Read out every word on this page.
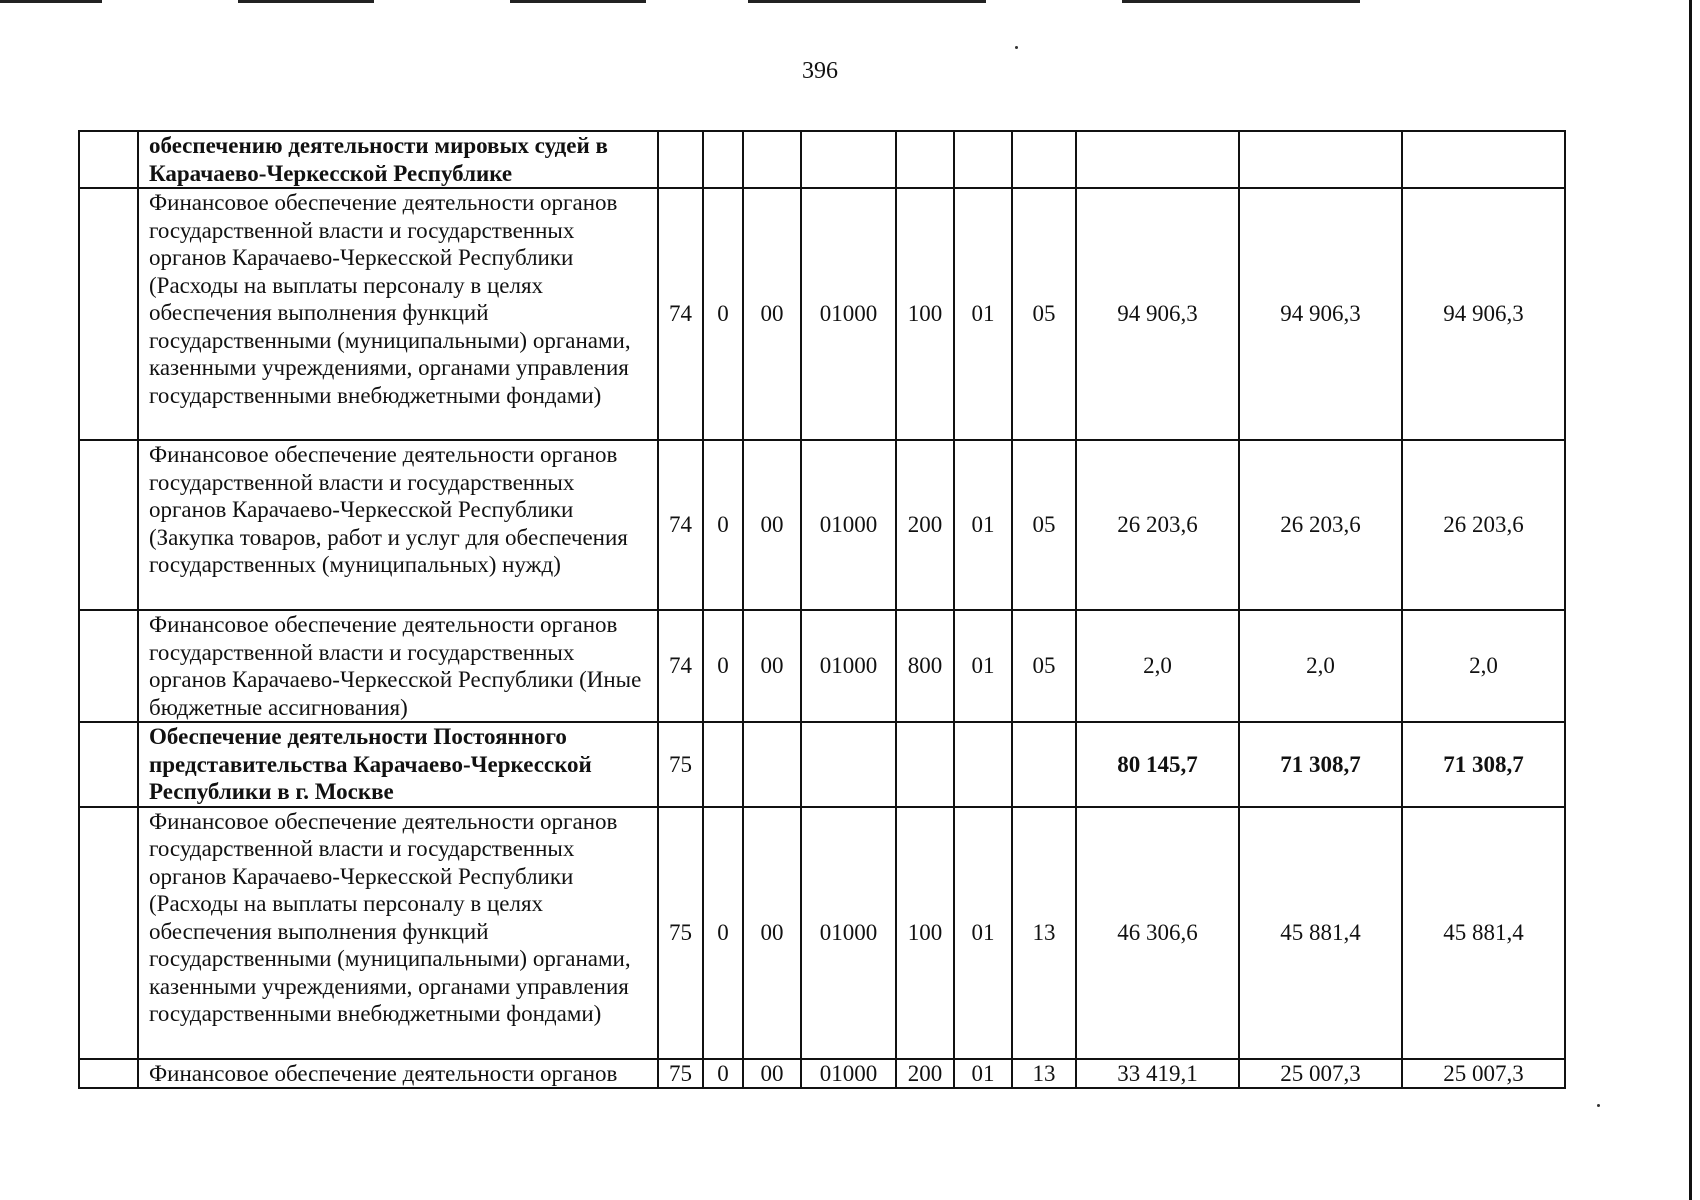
396
	обеспечению деятельности мировых судей в Карачаево-Черкесской Республике										
	Финансовое обеспечение деятельности органов государственной власти и государственных органов Карачаево-Черкесской Республики (Расходы на выплаты персоналу в целях обеспечения выполнения функций государственными (муниципальными) органами, казенными учреждениями, органами управления государственными внебюджетными фондами)	74	0	00	01000	100	01	05	94 906,3	94 906,3	94 906,3
	Финансовое обеспечение деятельности органов государственной власти и государственных органов Карачаево-Черкесской Республики (Закупка товаров, работ и услуг для обеспечения государственных (муниципальных) нужд)	74	0	00	01000	200	01	05	26 203,6	26 203,6	26 203,6
	Финансовое обеспечение деятельности органов государственной власти и государственных органов Карачаево-Черкесской Республики (Иные бюджетные ассигнования)	74	0	00	01000	800	01	05	2,0	2,0	2,0
	Обеспечение деятельности Постоянного представительства Карачаево-Черкесской Республики в г. Москве	75							80 145,7	71 308,7	71 308,7
	Финансовое обеспечение деятельности органов государственной власти и государственных органов Карачаево-Черкесской Республики (Расходы на выплаты персоналу в целях обеспечения выполнения функций государственными (муниципальными) органами, казенными учреждениями, органами управления государственными внебюджетными фондами)	75	0	00	01000	100	01	13	46 306,6	45 881,4	45 881,4
	Финансовое обеспечение деятельности органов	75	0	00	01000	200	01	13	33 419,1	25 007,3	25 007,3
